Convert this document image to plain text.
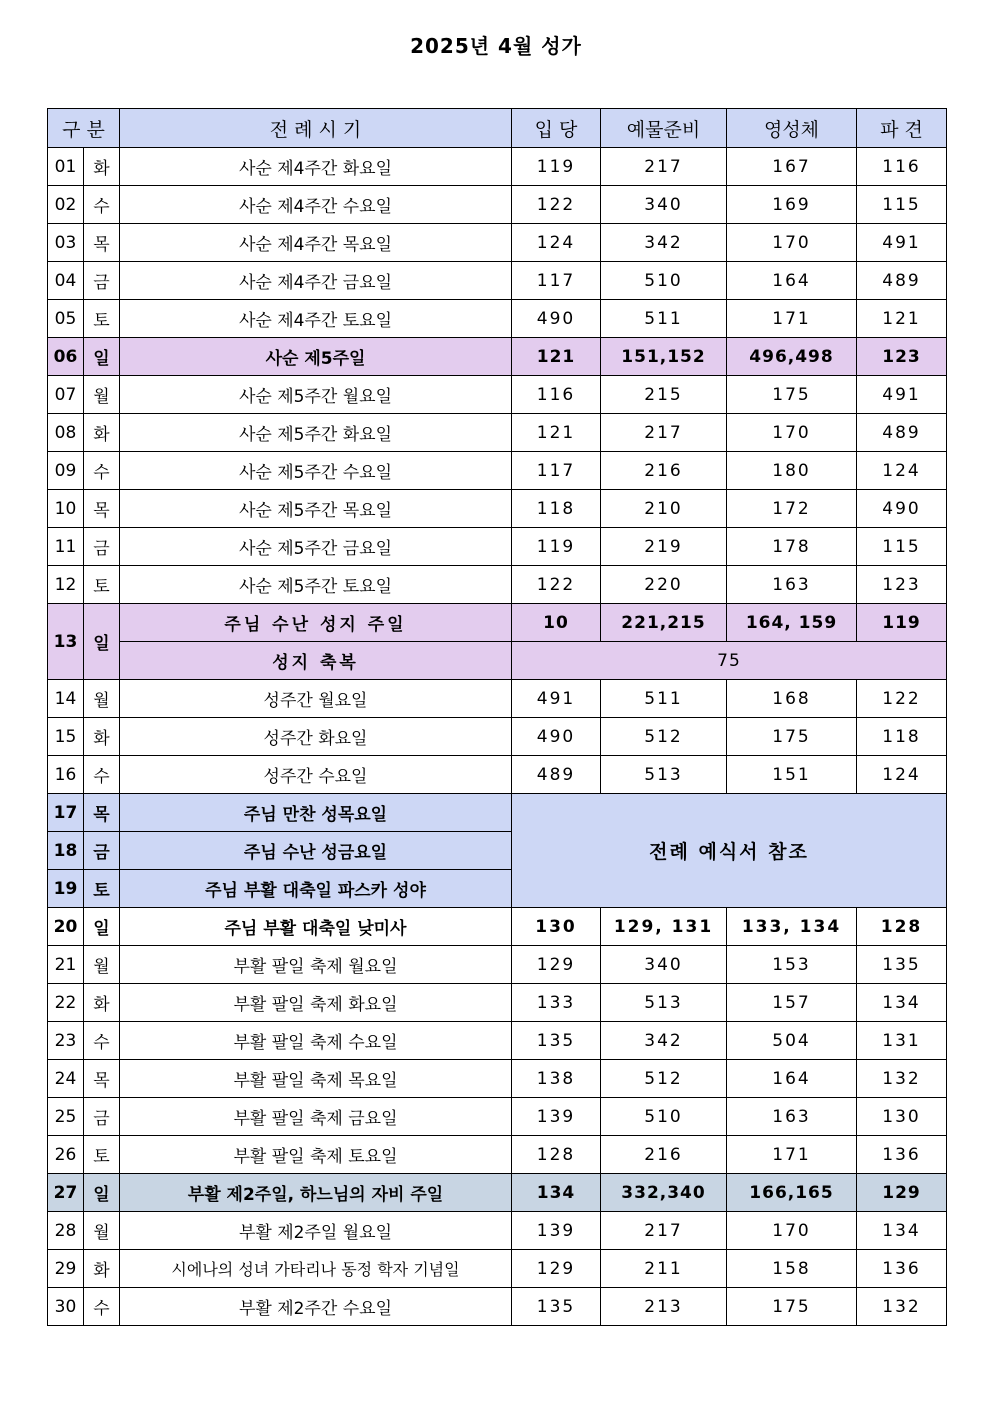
2025년 4월 성가
구 분		전 례 시 기	입 당	예물준비	영성체	파 견
01	화	사순 제4주간 화요일	119	217	167	116
02	수	사순 제4주간 수요일	122	340	169	115
03	목	사순 제4주간 목요일	124	342	170	491
04	금	사순 제4주간 금요일	117	510	164	489
05	토	사순 제4주간 토요일	490	511	171	121
06	일	사순 제5주일	121	151,152	496,498	123
07	월	사순 제5주간 월요일	116	215	175	491
08	화	사순 제5주간 화요일	121	217	170	489
09	수	사순 제5주간 수요일	117	216	180	124
10	목	사순 제5주간 목요일	118	210	172	490
11	금	사순 제5주간 금요일	119	219	178	115
12	토	사순 제5주간 토요일	122	220	163	123
13	일	주님 수난 성지 주일	10	221,215	164, 159	119
		성지 축복	75			
14	월	성주간 월요일	491	511	168	122
15	화	성주간 화요일	490	512	175	118
16	수	성주간 수요일	489	513	151	124
17	목	주님 만찬 성목요일	전례 예식서 참조			
18	금	주님 수난 성금요일				
19	토	주님 부활 대축일 파스카 성야				
20	일	주님 부활 대축일 낮미사	130	129, 131	133, 134	128
21	월	부활 팔일 축제 월요일	129	340	153	135
22	화	부활 팔일 축제 화요일	133	513	157	134
23	수	부활 팔일 축제 수요일	135	342	504	131
24	목	부활 팔일 축제 목요일	138	512	164	132
25	금	부활 팔일 축제 금요일	139	510	163	130
26	토	부활 팔일 축제 토요일	128	216	171	136
27	일	부활 제2주일, 하느님의 자비 주일	134	332,340	166,165	129
28	월	부활 제2주일 월요일	139	217	170	134
29	화	시에나의 성녀 가타리나 동정 학자 기념일	129	211	158	136
30	수	부활 제2주간 수요일	135	213	175	132
